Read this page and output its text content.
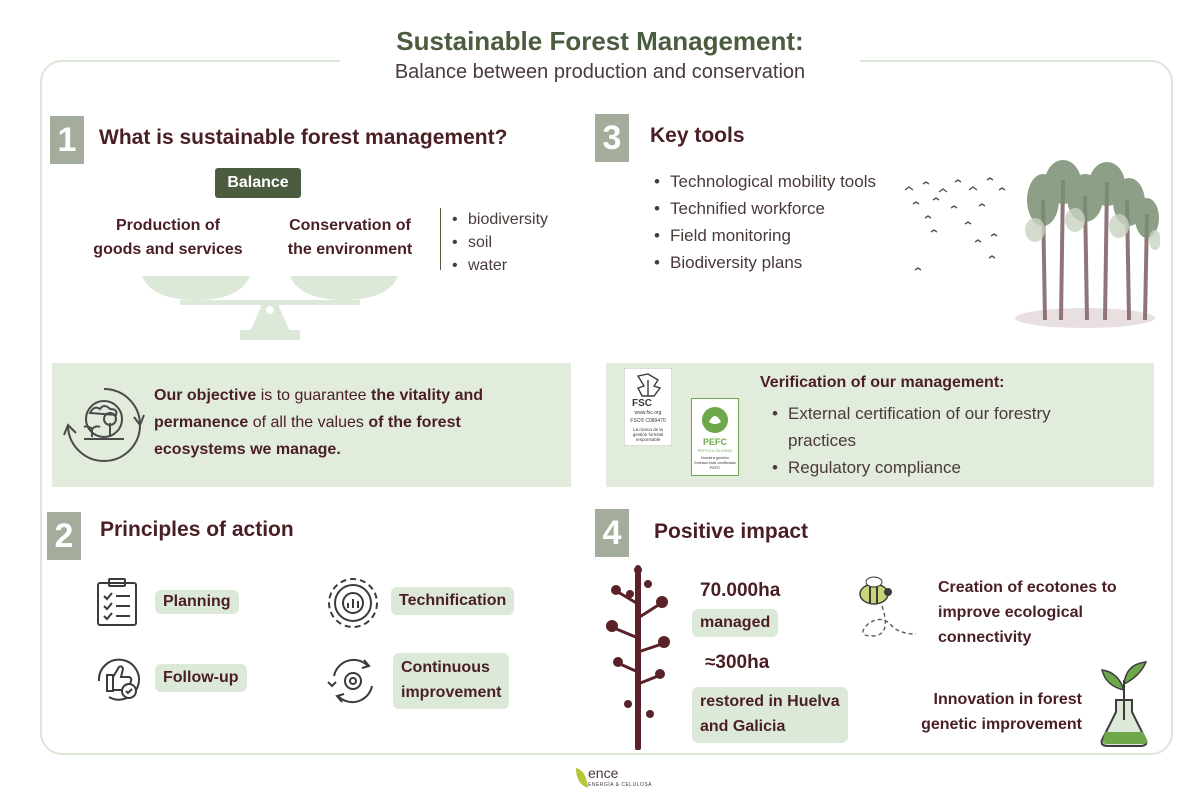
Sustainable Forest Management:
Balance between production and conservation
1	What is sustainable forest management?
Balance
Production of
goods and services
Conservation of
the environment
• biodiversity
• soil
• water
3	Key tools
• Technological mobility tools
• Technified workforce
• Field monitoring
• Biodiversity plans
Our objective is to guarantee the vitality and permanence of all the values of the forest ecosystems we manage.
FSC
www.fsc.org
FSC® C089470
La marca de la gestión forestal responsable	PEFC
PEFC/14-33-00002
Nuestra gestión forestal está certificada PEFC
Verification of our management:
• External certification of our forestry practices
• Regulatory compliance
2	Principles of action
Planning	Technification
Follow-up
Continuous
improvement
4	Positive impact
70.000ha
managed
≈300ha
restored in Huelva
and Galicia
Creation of ecotones to
improve ecological
connectivity
Innovation in forest
genetic improvement
ence
ENERGÍA & CELULOSA
